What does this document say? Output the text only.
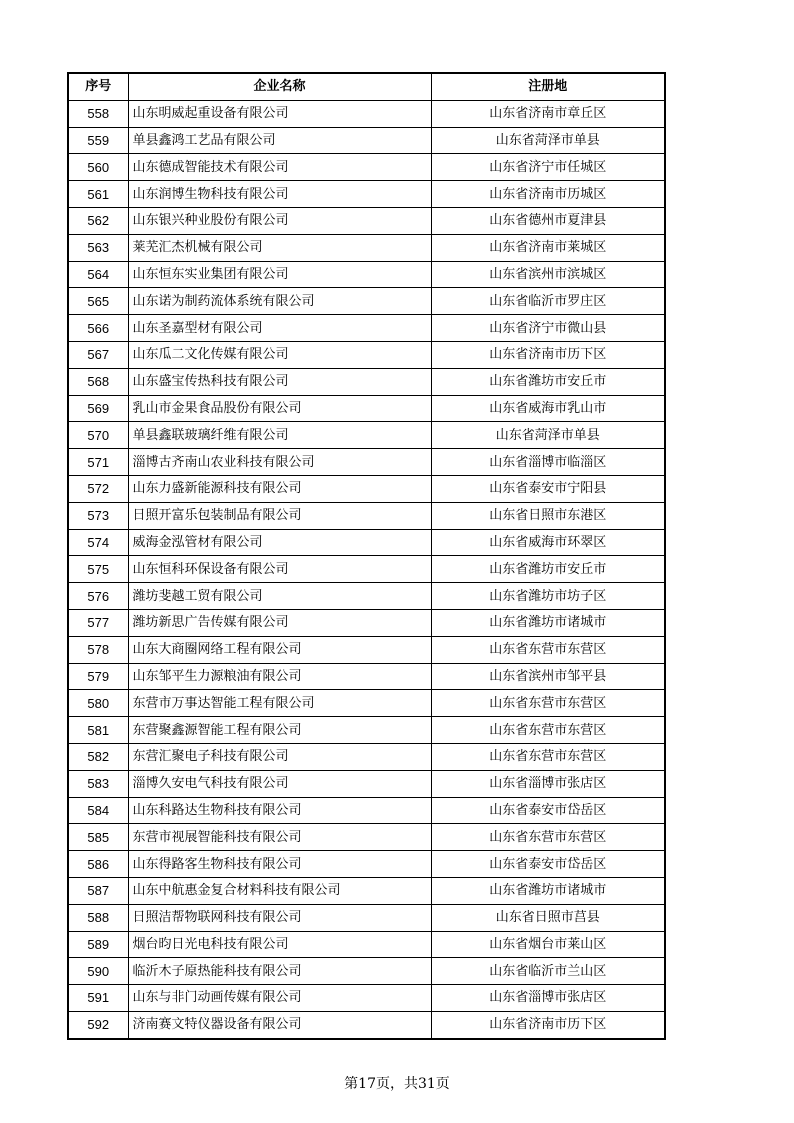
序号	企业名称	注册地
558	山东明威起重设备有限公司	山东省济南市章丘区
559	单县鑫鸿工艺品有限公司	山东省菏泽市单县
560	山东德成智能技术有限公司	山东省济宁市任城区
561	山东润博生物科技有限公司	山东省济南市历城区
562	山东银兴种业股份有限公司	山东省德州市夏津县
563	莱芜汇杰机械有限公司	山东省济南市莱城区
564	山东恒东实业集团有限公司	山东省滨州市滨城区
565	山东诺为制药流体系统有限公司	山东省临沂市罗庄区
566	山东圣嘉型材有限公司	山东省济宁市微山县
567	山东瓜二文化传媒有限公司	山东省济南市历下区
568	山东盛宝传热科技有限公司	山东省潍坊市安丘市
569	乳山市金果食品股份有限公司	山东省威海市乳山市
570	单县鑫联玻璃纤维有限公司	山东省菏泽市单县
571	淄博古齐南山农业科技有限公司	山东省淄博市临淄区
572	山东力盛新能源科技有限公司	山东省泰安市宁阳县
573	日照开富乐包装制品有限公司	山东省日照市东港区
574	威海金泓管材有限公司	山东省威海市环翠区
575	山东恒科环保设备有限公司	山东省潍坊市安丘市
576	潍坊斐越工贸有限公司	山东省潍坊市坊子区
577	潍坊新思广告传媒有限公司	山东省潍坊市诸城市
578	山东大商圈网络工程有限公司	山东省东营市东营区
579	山东邹平生力源粮油有限公司	山东省滨州市邹平县
580	东营市万事达智能工程有限公司	山东省东营市东营区
581	东营聚鑫源智能工程有限公司	山东省东营市东营区
582	东营汇聚电子科技有限公司	山东省东营市东营区
583	淄博久安电气科技有限公司	山东省淄博市张店区
584	山东科路达生物科技有限公司	山东省泰安市岱岳区
585	东营市视展智能科技有限公司	山东省东营市东营区
586	山东得路客生物科技有限公司	山东省泰安市岱岳区
587	山东中航惠金复合材料科技有限公司	山东省潍坊市诸城市
588	日照洁帮物联网科技有限公司	山东省日照市莒县
589	烟台昀日光电科技有限公司	山东省烟台市莱山区
590	临沂木子原热能科技有限公司	山东省临沂市兰山区
591	山东与非门动画传媒有限公司	山东省淄博市张店区
592	济南赛文特仪器设备有限公司	山东省济南市历下区
第17页，共31页
